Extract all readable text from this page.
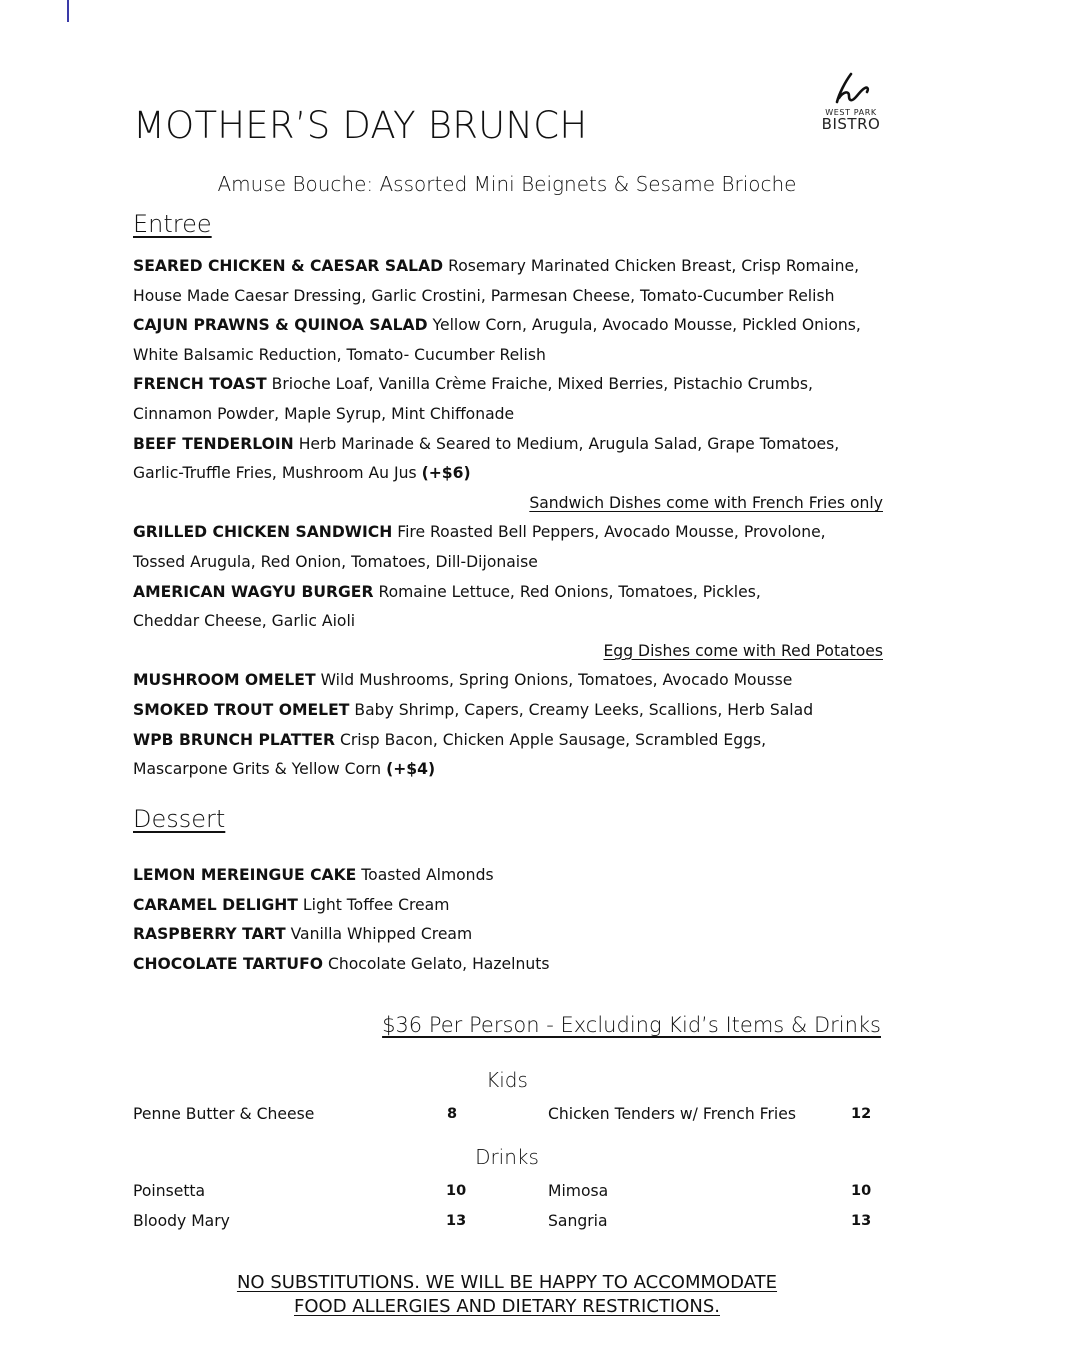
MOTHER’S DAY BRUNCH	WEST PARK
BISTRO
Amuse Bouche: Assorted Mini Beignets & Sesame Brioche
Entree

SEARED CHICKEN & CAESAR SALAD Rosemary Marinated Chicken Breast, Crisp Romaine,

House Made Caesar Dressing, Garlic Crostini, Parmesan Cheese, Tomato-Cucumber Relish

CAJUN PRAWNS & QUINOA SALAD Yellow Corn, Arugula, Avocado Mousse, Pickled Onions,

White Balsamic Reduction, Tomato- Cucumber Relish

FRENCH TOAST Brioche Loaf, Vanilla Crème Fraiche, Mixed Berries, Pistachio Crumbs,

Cinnamon Powder, Maple Syrup, Mint Chiffonade

BEEF TENDERLOIN Herb Marinade & Seared to Medium, Arugula Salad, Grape Tomatoes,

Garlic-Truffle Fries, Mushroom Au Jus (+$6)

Sandwich Dishes come with French Fries only

GRILLED CHICKEN SANDWICH Fire Roasted Bell Peppers, Avocado Mousse, Provolone,

Tossed Arugula, Red Onion, Tomatoes, Dill-Dijonaise

AMERICAN WAGYU BURGER Romaine Lettuce, Red Onions, Tomatoes, Pickles,

Cheddar Cheese, Garlic Aioli

Egg Dishes come with Red Potatoes

MUSHROOM OMELET Wild Mushrooms, Spring Onions, Tomatoes, Avocado Mousse

SMOKED TROUT OMELET Baby Shrimp, Capers, Creamy Leeks, Scallions, Herb Salad

WPB BRUNCH PLATTER Crisp Bacon, Chicken Apple Sausage, Scrambled Eggs,

Mascarpone Grits & Yellow Corn (+$4)

Dessert

LEMON MEREINGUE CAKE Toasted Almonds

CARAMEL DELIGHT Light Toffee Cream

RASPBERRY TART Vanilla Whipped Cream

CHOCOLATE TARTUFO Chocolate Gelato, Hazelnuts

$36 Per Person - Excluding Kid’s Items & Drinks
Kids
Penne Butter & Cheese	8	Chicken Tenders w/ French Fries	12
Drinks
Poinsetta	10	Mimosa	10
Bloody Mary	13	Sangria	13
NO SUBSTITUTIONS. WE WILL BE HAPPY TO ACCOMMODATE
FOOD ALLERGIES AND DIETARY RESTRICTIONS.
